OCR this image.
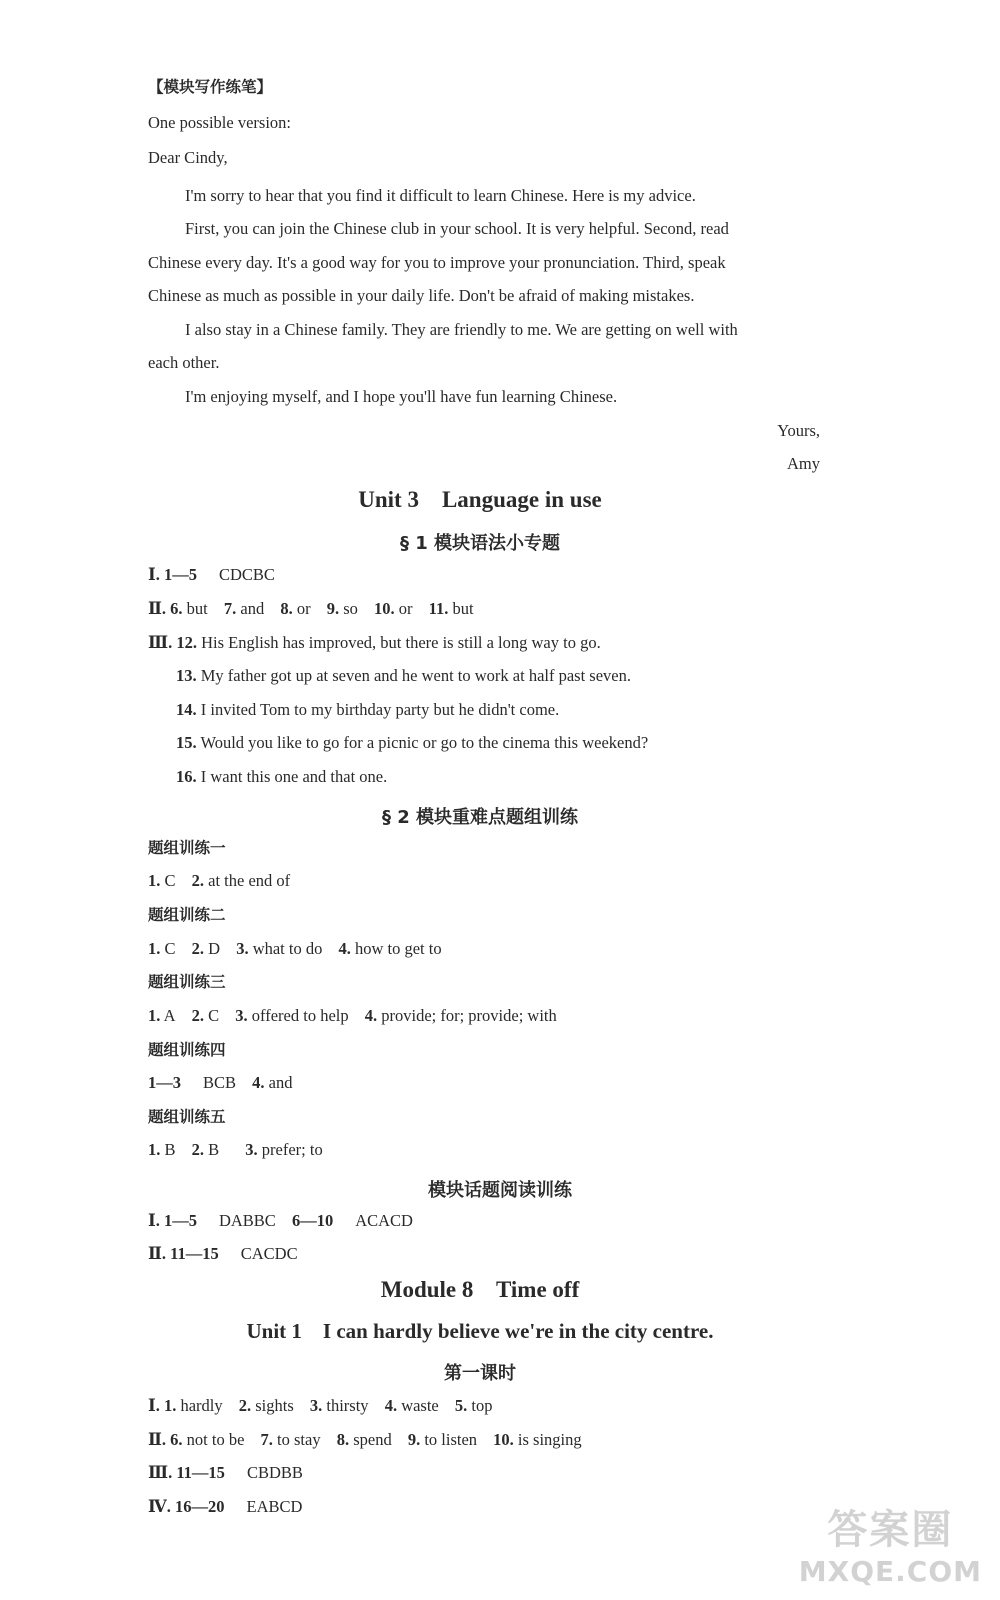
【模块写作练笔】
One possible version:
Dear Cindy,
I'm sorry to hear that you find it difficult to learn Chinese. Here is my advice.
First, you can join the Chinese club in your school. It is very helpful. Second, read
Chinese every day. It's a good way for you to improve your pronunciation. Third, speak
Chinese as much as possible in your daily life. Don't be afraid of making mistakes.
I also stay in a Chinese family. They are friendly to me. We are getting on well with
each other.
I'm enjoying myself, and I hope you'll have fun learning Chinese.
Yours,
Amy
Unit 3    Language in use
§ 1 模块语法小专题
Ⅰ. 1—5 CDCBC
Ⅱ. 6. but 7. and 8. or 9. so 10. or 11. but
Ⅲ. 12. His English has improved, but there is still a long way to go.
13. My father got up at seven and he went to work at half past seven.
14. I invited Tom to my birthday party but he didn't come.
15. Would you like to go for a picnic or go to the cinema this weekend?
16. I want this one and that one.
§ 2 模块重难点题组训练
题组训练一
1. C 2. at the end of
题组训练二
1. C 2. D 3. what to do 4. how to get to
题组训练三
1. A 2. C 3. offered to help 4. provide; for; provide; with
题组训练四
1—3 BCB 4. and
题组训练五
1. B 2. B 3. prefer; to
模块话题阅读训练
Ⅰ. 1—5 DABBC 6—10 ACACD
Ⅱ. 11—15 CACDC
Module 8    Time off
Unit 1    I can hardly believe we're in the city centre.
第一课时
Ⅰ. 1. hardly 2. sights 3. thirsty 4. waste 5. top
Ⅱ. 6. not to be 7. to stay 8. spend 9. to listen 10. is singing
Ⅲ. 11—15 CBDBB
Ⅳ. 16—20 EABCD
答案圈
MXQE.COM
